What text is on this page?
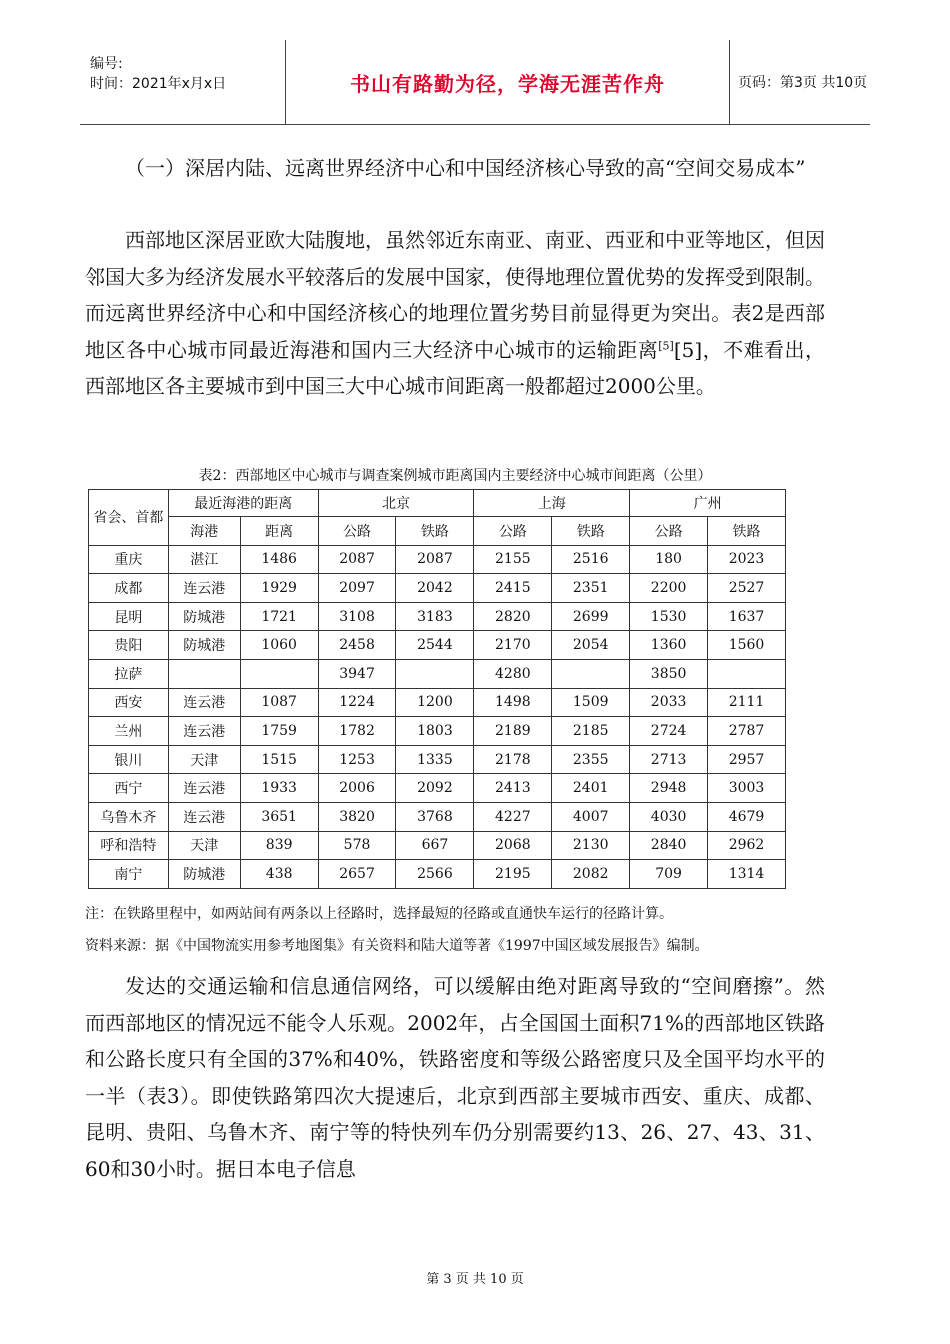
编号:
时间：2021年x月x日	书山有路勤为径，学海无涯苦作舟	页码：第3页 共10页
（一）深居内陆、远离世界经济中心和中国经济核心导致的高“空间交易成本”
西部地区深居亚欧大陆腹地，虽然邻近东南亚、南亚、西亚和中亚等地区，但因邻国大多为经济发展水平较落后的发展中国家，使得地理位置优势的发挥受到限制。而远离世界经济中心和中国经济核心的地理位置劣势目前显得更为突出。表2是西部地区各中心城市同最近海港和国内三大经济中心城市的运输距离[5][5]，不难看出，西部地区各主要城市到中国三大中心城市间距离一般都超过2000公里。
表2：西部地区中心城市与调查案例城市距离国内主要经济中心城市间距离（公里）
省会、首都	最近海港的距离		北京		上海		广州	
	海港	距离	公路	铁路	公路	铁路	公路	铁路
重庆	湛江	1486	2087	2087	2155	2516	180	2023
成都	连云港	1929	2097	2042	2415	2351	2200	2527
昆明	防城港	1721	3108	3183	2820	2699	1530	1637
贵阳	防城港	1060	2458	2544	2170	2054	1360	1560
拉萨			3947		4280		3850	
西安	连云港	1087	1224	1200	1498	1509	2033	2111
兰州	连云港	1759	1782	1803	2189	2185	2724	2787
银川	天津	1515	1253	1335	2178	2355	2713	2957
西宁	连云港	1933	2006	2092	2413	2401	2948	3003
乌鲁木齐	连云港	3651	3820	3768	4227	4007	4030	4679
呼和浩特	天津	839	578	667	2068	2130	2840	2962
南宁	防城港	438	2657	2566	2195	2082	709	1314
注：在铁路里程中，如两站间有两条以上径路时，选择最短的径路或直通快车运行的径路计算。
资料来源：据《中国物流实用参考地图集》有关资料和陆大道等著《1997中国区域发展报告》编制。
发达的交通运输和信息通信网络，可以缓解由绝对距离导致的“空间磨擦”。然而西部地区的情况远不能令人乐观。2002年，占全国国土面积71%的西部地区铁路和公路长度只有全国的37%和40%，铁路密度和等级公路密度只及全国平均水平的一半（表3）。即使铁路第四次大提速后，北京到西部主要城市西安、重庆、成都、昆明、贵阳、乌鲁木齐、南宁等的特快列车仍分别需要约13、26、27、43、31、60和30小时。据日本电子信息
第 3 页 共 10 页
